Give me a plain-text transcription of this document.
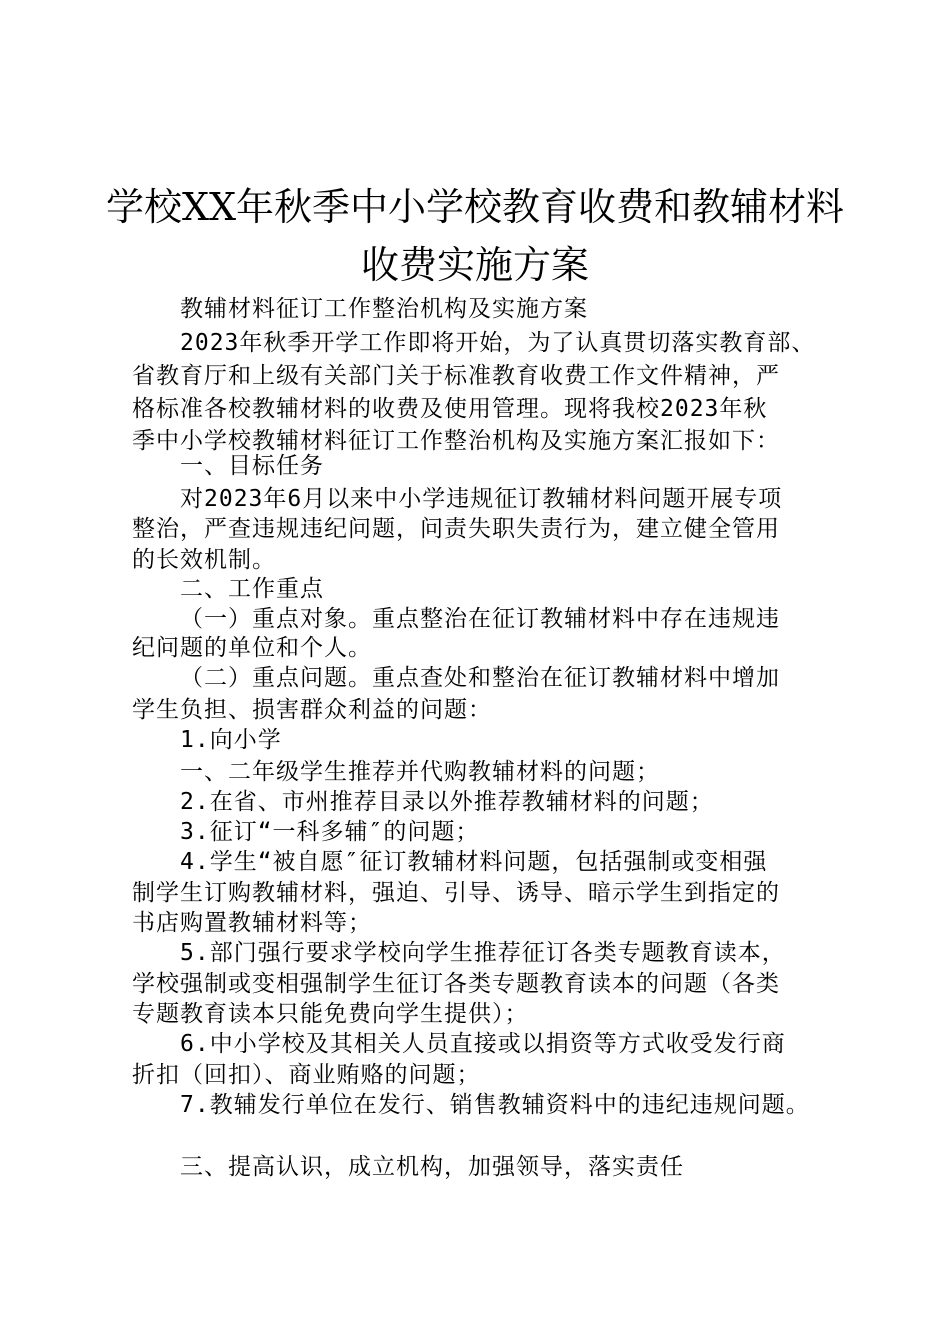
学校XX年秋季中小学校教育收费和教辅材料
收费实施方案
教辅材料征订工作整治机构及实施方案
2023年秋季开学工作即将开始，为了认真贯切落实教育部、
省教育厅和上级有关部门关于标准教育收费工作文件精神，严
格标准各校教辅材料的收费及使用管理。现将我校2023年秋
季中小学校教辅材料征订工作整治机构及实施方案汇报如下：
一、目标任务
对2023年6月以来中小学违规征订教辅材料问题开展专项
整治，严查违规违纪问题，问责失职失责行为，建立健全管用
的长效机制。
二、工作重点
（一）重点对象。重点整治在征订教辅材料中存在违规违
纪问题的单位和个人。
（二）重点问题。重点查处和整治在征订教辅材料中增加
学生负担、损害群众利益的问题：
1.向小学
一、二年级学生推荐并代购教辅材料的问题；
2.在省、市州推荐目录以外推荐教辅材料的问题；
3.征订“一科多辅″的问题；
4.学生“被自愿″征订教辅材料问题，包括强制或变相强
制学生订购教辅材料，强迫、引导、诱导、暗示学生到指定的
书店购置教辅材料等；
5.部门强行要求学校向学生推荐征订各类专题教育读本，
学校强制或变相强制学生征订各类专题教育读本的问题（各类
专题教育读本只能免费向学生提供）；
6.中小学校及其相关人员直接或以捐资等方式收受发行商
折扣（回扣）、商业贿赂的问题；
7.教辅发行单位在发行、销售教辅资料中的违纪违规问题。
三、提高认识，成立机构，加强领导，落实责任
